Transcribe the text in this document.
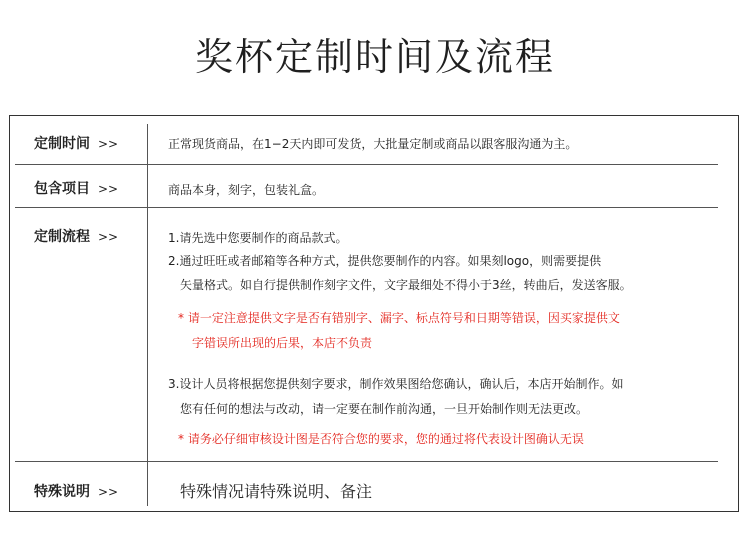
奖杯定制时间及流程
定制时间 >>	正常现货商品，在1−2天内即可发货，大批量定制或商品以跟客服沟通为主。
包含项目 >>	商品本身，刻字，包装礼盒。
定制流程 >>	1.请先选中您要制作的商品款式。
2.通过旺旺或者邮箱等各种方式，提供您要制作的内容。如果刻logo，则需要提供
矢量格式。如自行提供制作刻字文件，文字最细处不得小于3丝，转曲后，发送客服。
* 请一定注意提供文字是否有错别字、漏字、标点符号和日期等错误，因买家提供文
字错误所出现的后果，本店不负责
3.设计人员将根据您提供刻字要求，制作效果图给您确认，确认后，本店开始制作。如
您有任何的想法与改动，请一定要在制作前沟通，一旦开始制作则无法更改。
* 请务必仔细审核设计图是否符合您的要求，您的通过将代表设计图确认无误
特殊说明 >>	特殊情况请特殊说明、备注
